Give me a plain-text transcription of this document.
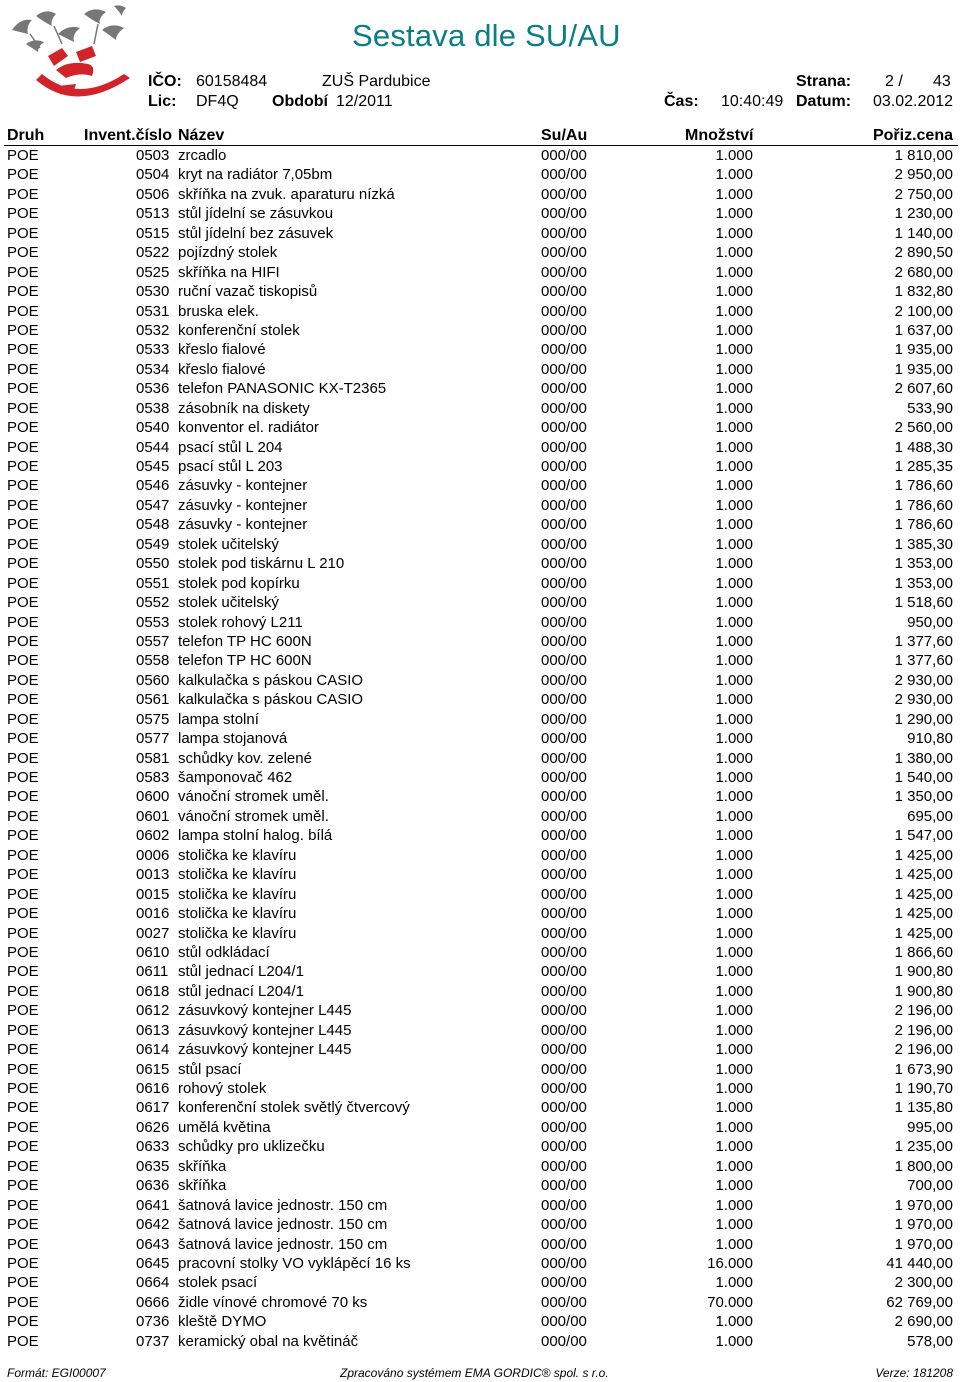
Sestava dle SU/AU
IČO: 60158484	ZUŠ Pardubice	Strana: 2 / 43
Lic: DF4Q Období 12/2011	Čas: 10:40:49 Datum: 03.02.2012
Druh Invent.číslo Název	Su/Au	Množství	Pořiz.cena
POE	0503 zrcadlo	000/00	1.000	1 810,00
POE	0504 kryt na radiátor 7,05bm	000/00	1.000	2 950,00
POE	0506 skříňka na zvuk. aparaturu nízká	000/00	1.000	2 750,00
POE	0513 stůl jídelní se zásuvkou	000/00	1.000	1 230,00
POE	0515 stůl jídelní bez zásuvek	000/00	1.000	1 140,00
POE	0522 pojízdný stolek	000/00	1.000	2 890,50
POE	0525 skříňka na HIFI	000/00	1.000	2 680,00
POE	0530 ruční vazač tiskopisů	000/00	1.000	1 832,80
POE	0531 bruska elek.	000/00	1.000	2 100,00
POE	0532 konferenční stolek	000/00	1.000	1 637,00
POE	0533 křeslo fialové	000/00	1.000	1 935,00
POE	0534 křeslo fialové	000/00	1.000	1 935,00
POE	0536 telefon PANASONIC KX-T2365	000/00	1.000	2 607,60
POE	0538 zásobník na diskety	000/00	1.000	533,90
POE	0540 konventor el. radiátor	000/00	1.000	2 560,00
POE	0544 psací stůl L 204	000/00	1.000	1 488,30
POE	0545 psací stůl L 203	000/00	1.000	1 285,35
POE	0546 zásuvky - kontejner	000/00	1.000	1 786,60
POE	0547 zásuvky - kontejner	000/00	1.000	1 786,60
POE	0548 zásuvky - kontejner	000/00	1.000	1 786,60
POE	0549 stolek učitelský	000/00	1.000	1 385,30
POE	0550 stolek pod tiskárnu L 210	000/00	1.000	1 353,00
POE	0551 stolek pod kopírku	000/00	1.000	1 353,00
POE	0552 stolek učitelský	000/00	1.000	1 518,60
POE	0553 stolek rohový L211	000/00	1.000	950,00
POE	0557 telefon TP HC 600N	000/00	1.000	1 377,60
POE	0558 telefon TP HC 600N	000/00	1.000	1 377,60
POE	0560 kalkulačka s páskou CASIO	000/00	1.000	2 930,00
POE	0561 kalkulačka s páskou CASIO	000/00	1.000	2 930,00
POE	0575 lampa stolní	000/00	1.000	1 290,00
POE	0577 lampa stojanová	000/00	1.000	910,80
POE	0581 schůdky kov. zelené	000/00	1.000	1 380,00
POE	0583 šamponovač 462	000/00	1.000	1 540,00
POE	0600 vánoční stromek uměl.	000/00	1.000	1 350,00
POE	0601 vánoční stromek uměl.	000/00	1.000	695,00
POE	0602 lampa stolní halog. bílá	000/00	1.000	1 547,00
POE	0006 stolička ke klavíru	000/00	1.000	1 425,00
POE	0013 stolička ke klavíru	000/00	1.000	1 425,00
POE	0015 stolička ke klavíru	000/00	1.000	1 425,00
POE	0016 stolička ke klavíru	000/00	1.000	1 425,00
POE	0027 stolička ke klavíru	000/00	1.000	1 425,00
POE	0610 stůl odkládací	000/00	1.000	1 866,60
POE	0611 stůl jednací L204/1	000/00	1.000	1 900,80
POE	0618 stůl jednací L204/1	000/00	1.000	1 900,80
POE	0612 zásuvkový kontejner L445	000/00	1.000	2 196,00
POE	0613 zásuvkový kontejner L445	000/00	1.000	2 196,00
POE	0614 zásuvkový kontejner L445	000/00	1.000	2 196,00
POE	0615 stůl psací	000/00	1.000	1 673,90
POE	0616 rohový stolek	000/00	1.000	1 190,70
POE	0617 konferenční stolek světlý čtvercový	000/00	1.000	1 135,80
POE	0626 umělá květina	000/00	1.000	995,00
POE	0633 schůdky pro uklizečku	000/00	1.000	1 235,00
POE	0635 skříňka	000/00	1.000	1 800,00
POE	0636 skříňka	000/00	1.000	700,00
POE	0641 šatnová lavice jednostr. 150 cm	000/00	1.000	1 970,00
POE	0642 šatnová lavice jednostr. 150 cm	000/00	1.000	1 970,00
POE	0643 šatnová lavice jednostr. 150 cm	000/00	1.000	1 970,00
POE	0645 pracovní stolky VO vyklápěcí 16 ks	000/00	16.000	41 440,00
POE	0664 stolek psací	000/00	1.000	2 300,00
POE	0666 židle vínové chromové 70 ks	000/00	70.000	62 769,00
POE	0736 kleště DYMO	000/00	1.000	2 690,00
POE	0737 keramický obal na květináč	000/00	1.000	578,00
Formát: EGI00007	Zpracováno systémem EMA GORDIC® spol. s r.o.	Verze: 181208
